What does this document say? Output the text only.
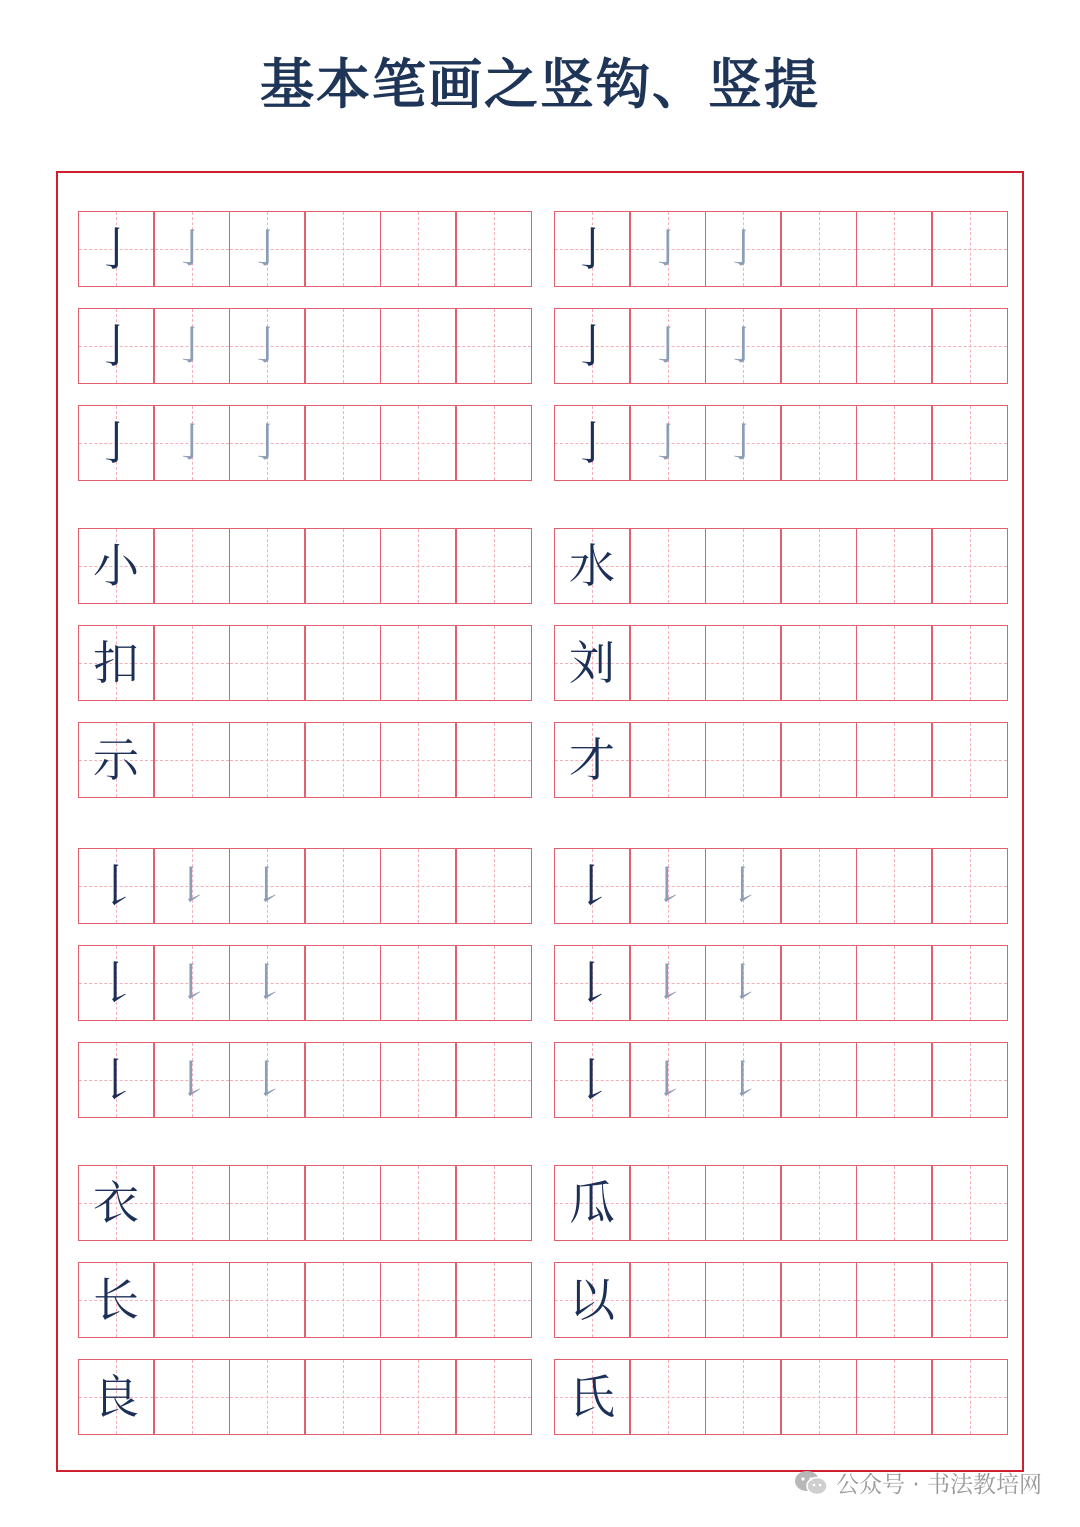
基本笔画之竖钩、竖提
亅 亅 亅
亅 亅 亅
亅 亅 亅
亅 亅 亅
亅 亅 亅
亅 亅 亅
小
扣
示
水
刘
才
𠄌 𠄌 𠄌
𠄌 𠄌 𠄌
𠄌 𠄌 𠄌
𠄌 𠄌 𠄌
𠄌 𠄌 𠄌
𠄌 𠄌 𠄌
衣
长
良
瓜
以
氏
公众号 · 书法教培网
